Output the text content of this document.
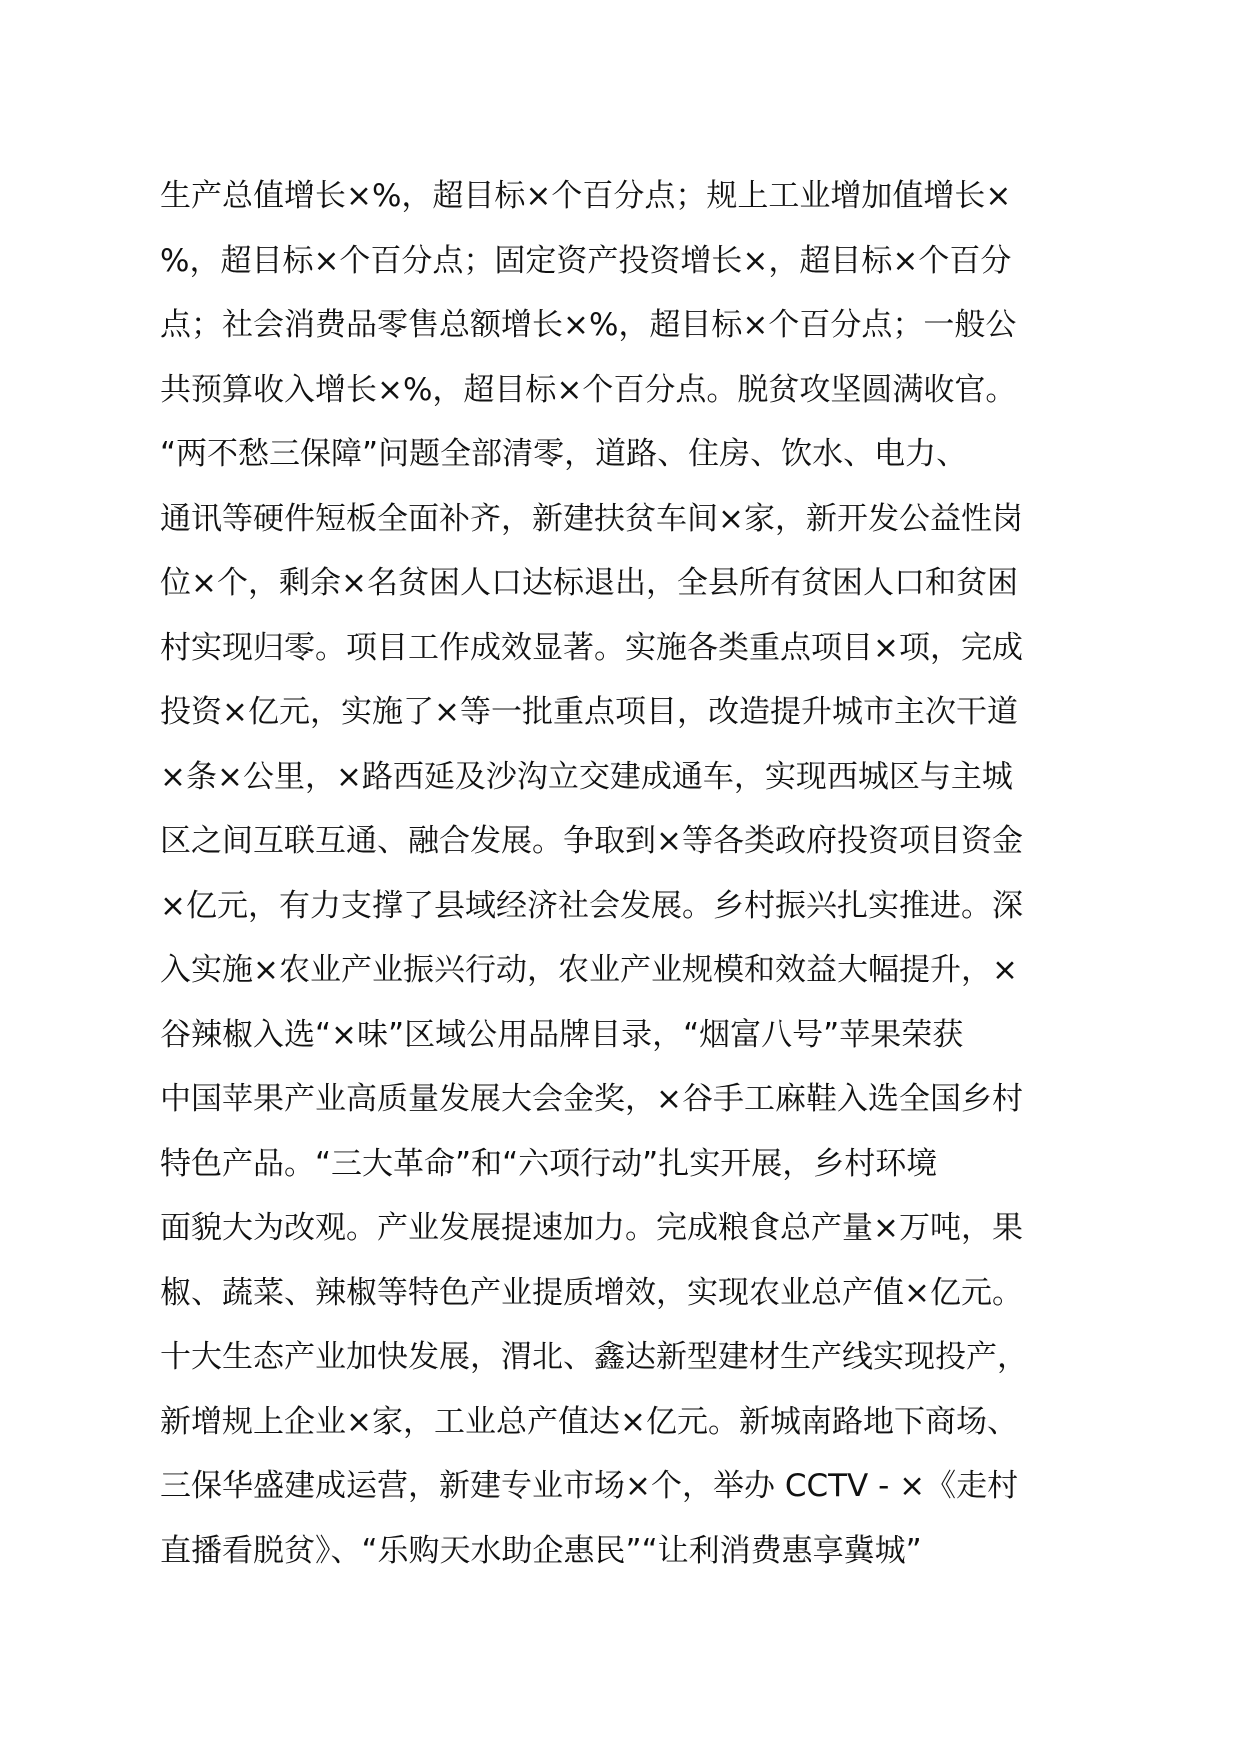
生产总值增长×%，超目标×个百分点；规上工业增加值增长×
%，超目标×个百分点；固定资产投资增长×，超目标×个百分
点；社会消费品零售总额增长×%，超目标×个百分点；一般公
共预算收入增长×%，超目标×个百分点。脱贫攻坚圆满收官。
“两不愁三保障”问题全部清零，道路、住房、饮水、电力、
通讯等硬件短板全面补齐，新建扶贫车间×家，新开发公益性岗
位×个，剩余×名贫困人口达标退出，全县所有贫困人口和贫困
村实现归零。项目工作成效显著。实施各类重点项目×项，完成
投资×亿元，实施了×等一批重点项目，改造提升城市主次干道
×条×公里，×路西延及沙沟立交建成通车，实现西城区与主城
区之间互联互通、融合发展。争取到×等各类政府投资项目资金
×亿元，有力支撑了县域经济社会发展。乡村振兴扎实推进。深
入实施×农业产业振兴行动，农业产业规模和效益大幅提升，×
谷辣椒入选“×味”区域公用品牌目录，“烟富八号”苹果荣获
中国苹果产业高质量发展大会金奖，×谷手工麻鞋入选全国乡村
特色产品。“三大革命”和“六项行动”扎实开展，乡村环境
面貌大为改观。产业发展提速加力。完成粮食总产量×万吨，果
椒、蔬菜、辣椒等特色产业提质增效，实现农业总产值×亿元。
十大生态产业加快发展，渭北、鑫达新型建材生产线实现投产，
新增规上企业×家，工业总产值达×亿元。新城南路地下商场、
三保华盛建成运营，新建专业市场×个，举办 CCTV - ×《走村
直播看脱贫》、“乐购天水助企惠民”“让利消费惠享冀城”
